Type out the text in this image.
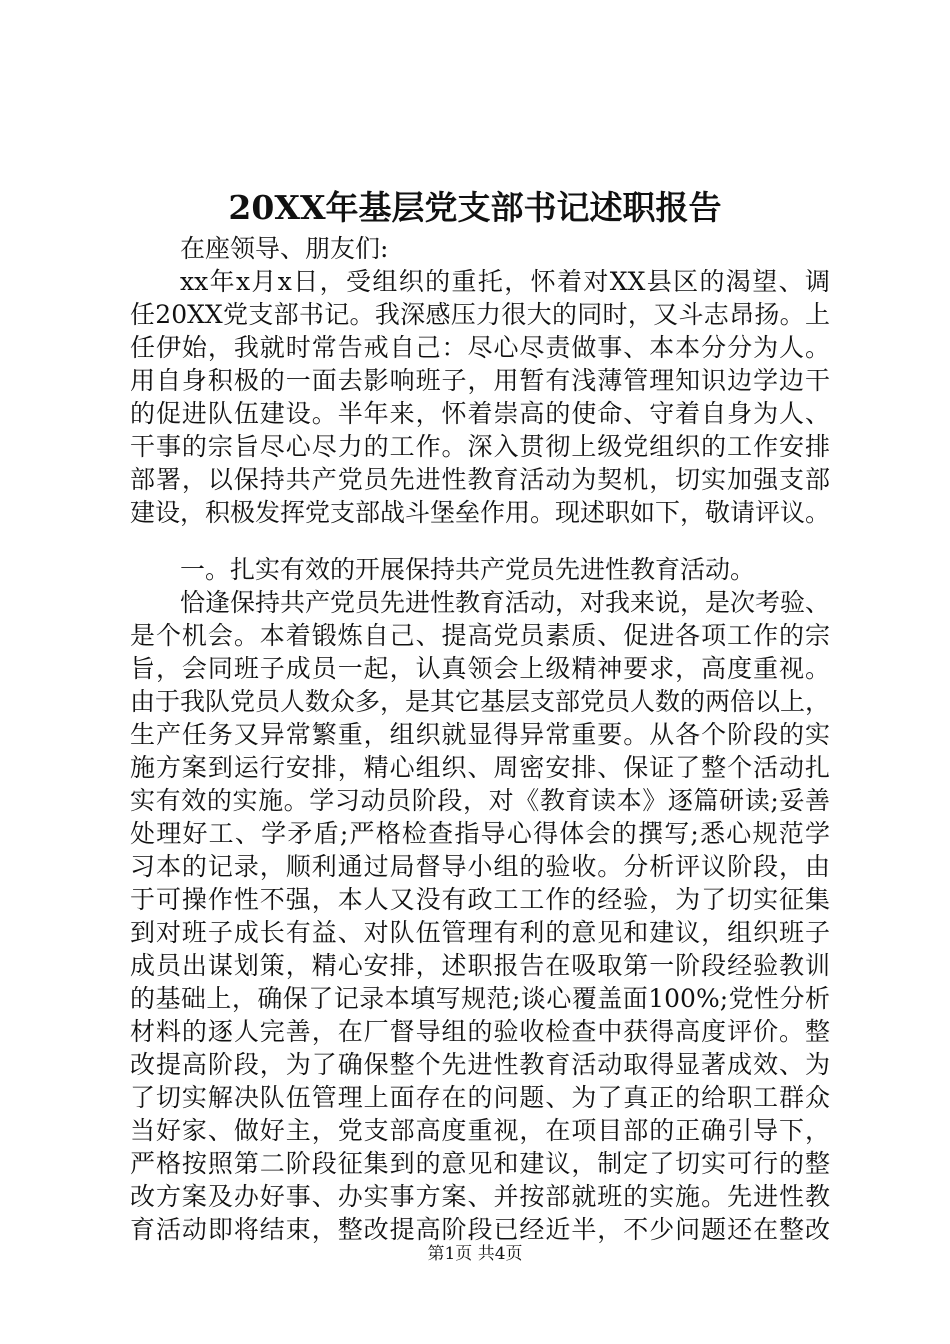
20XX年基层党支部书记述职报告
在座领导、朋友们:
xx年x月x日，受组织的重托，怀着对XX县区的渴望、调
任20XX党支部书记。我深感压力很大的同时，又斗志昂扬。上
任伊始，我就时常告戒自己：尽心尽责做事、本本分分为人。
用自身积极的一面去影响班子，用暂有浅薄管理知识边学边干
的促进队伍建设。半年来，怀着崇高的使命、守着自身为人、
干事的宗旨尽心尽力的工作。深入贯彻上级党组织的工作安排
部署，以保持共产党员先进性教育活动为契机，切实加强支部
建设，积极发挥党支部战斗堡垒作用。现述职如下，敬请评议。
一。扎实有效的开展保持共产党员先进性教育活动。
恰逢保持共产党员先进性教育活动，对我来说，是次考验、
是个机会。本着锻炼自己、提高党员素质、促进各项工作的宗
旨，会同班子成员一起，认真领会上级精神要求，高度重视。
由于我队党员人数众多，是其它基层支部党员人数的两倍以上，
生产任务又异常繁重，组织就显得异常重要。从各个阶段的实
施方案到运行安排，精心组织、周密安排、保证了整个活动扎
实有效的实施。学习动员阶段，对《教育读本》逐篇研读;妥善
处理好工、学矛盾;严格检查指导心得体会的撰写;悉心规范学
习本的记录，顺利通过局督导小组的验收。分析评议阶段，由
于可操作性不强，本人又没有政工工作的经验，为了切实征集
到对班子成长有益、对队伍管理有利的意见和建议，组织班子
成员出谋划策，精心安排，述职报告在吸取第一阶段经验教训
的基础上，确保了记录本填写规范;谈心覆盖面100%;党性分析
材料的逐人完善，在厂督导组的验收检查中获得高度评价。整
改提高阶段，为了确保整个先进性教育活动取得显著成效、为
了切实解决队伍管理上面存在的问题、为了真正的给职工群众
当好家、做好主，党支部高度重视，在项目部的正确引导下，
严格按照第二阶段征集到的意见和建议，制定了切实可行的整
改方案及办好事、办实事方案、并按部就班的实施。先进性教
育活动即将结束，整改提高阶段已经近半，不少问题还在整改
第1页 共4页
